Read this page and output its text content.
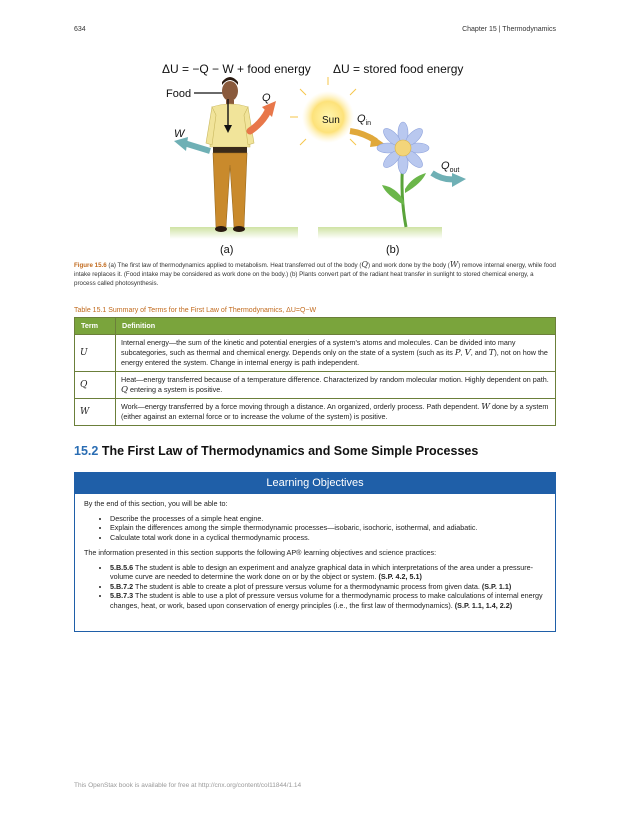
634	Chapter 15 | Thermodynamics
ΔU = −Q − W + food energy ΔU = stored food energy
Food	Q
W
(a)
Sun $Q_{in}$
$Q_{out}$
(b)
Figure 15.6 (a) The first law of thermodynamics applied to metabolism. Heat transferred out of the body (Q) and work done by the body (W) remove internal energy, while food intake replaces it. (Food intake may be considered as work done on the body.) (b) Plants convert part of the radiant heat transfer in sunlight to stored chemical energy, a process called photosynthesis.
Table 15.1 Summary of Terms for the First Law of Thermodynamics, ΔU=Q−W
Term	Definition
U	Internal energy—the sum of the kinetic and potential energies of a system's atoms and molecules. Can be divided into many subcategories, such as thermal and chemical energy. Depends only on the state of a system (such as its P, V, and T), not on how the energy entered the system. Change in internal energy is path independent.
Q	Heat—energy transferred because of a temperature difference. Characterized by random molecular motion. Highly dependent on path. Q entering a system is positive.
W	Work—energy transferred by a force moving through a distance. An organized, orderly process. Path dependent. W done by a system (either against an external force or to increase the volume of the system) is positive.
15.2 The First Law of Thermodynamics and Some Simple Processes
Learning Objectives

By the end of this section, you will be able to:

• Describe the processes of a simple heat engine.
• Explain the differences among the simple thermodynamic processes—isobaric, isochoric, isothermal, and adiabatic.
• Calculate total work done in a cyclical thermodynamic process.

The information presented in this section supports the following AP® learning objectives and science practices:

• 5.B.5.6 The student is able to design an experiment and analyze graphical data in which interpretations of the area under a pressure-volume curve are needed to determine the work done on or by the object or system. (S.P. 4.2, 5.1)
• 5.B.7.2 The student is able to create a plot of pressure versus volume for a thermodynamic process from given data. (S.P. 1.1)
• 5.B.7.3 The student is able to use a plot of pressure versus volume for a thermodynamic process to make calculations of internal energy changes, heat, or work, based upon conservation of energy principles (i.e., the first law of thermodynamics). (S.P. 1.1, 1.4, 2.2)
This OpenStax book is available for free at http://cnx.org/content/col11844/1.14
